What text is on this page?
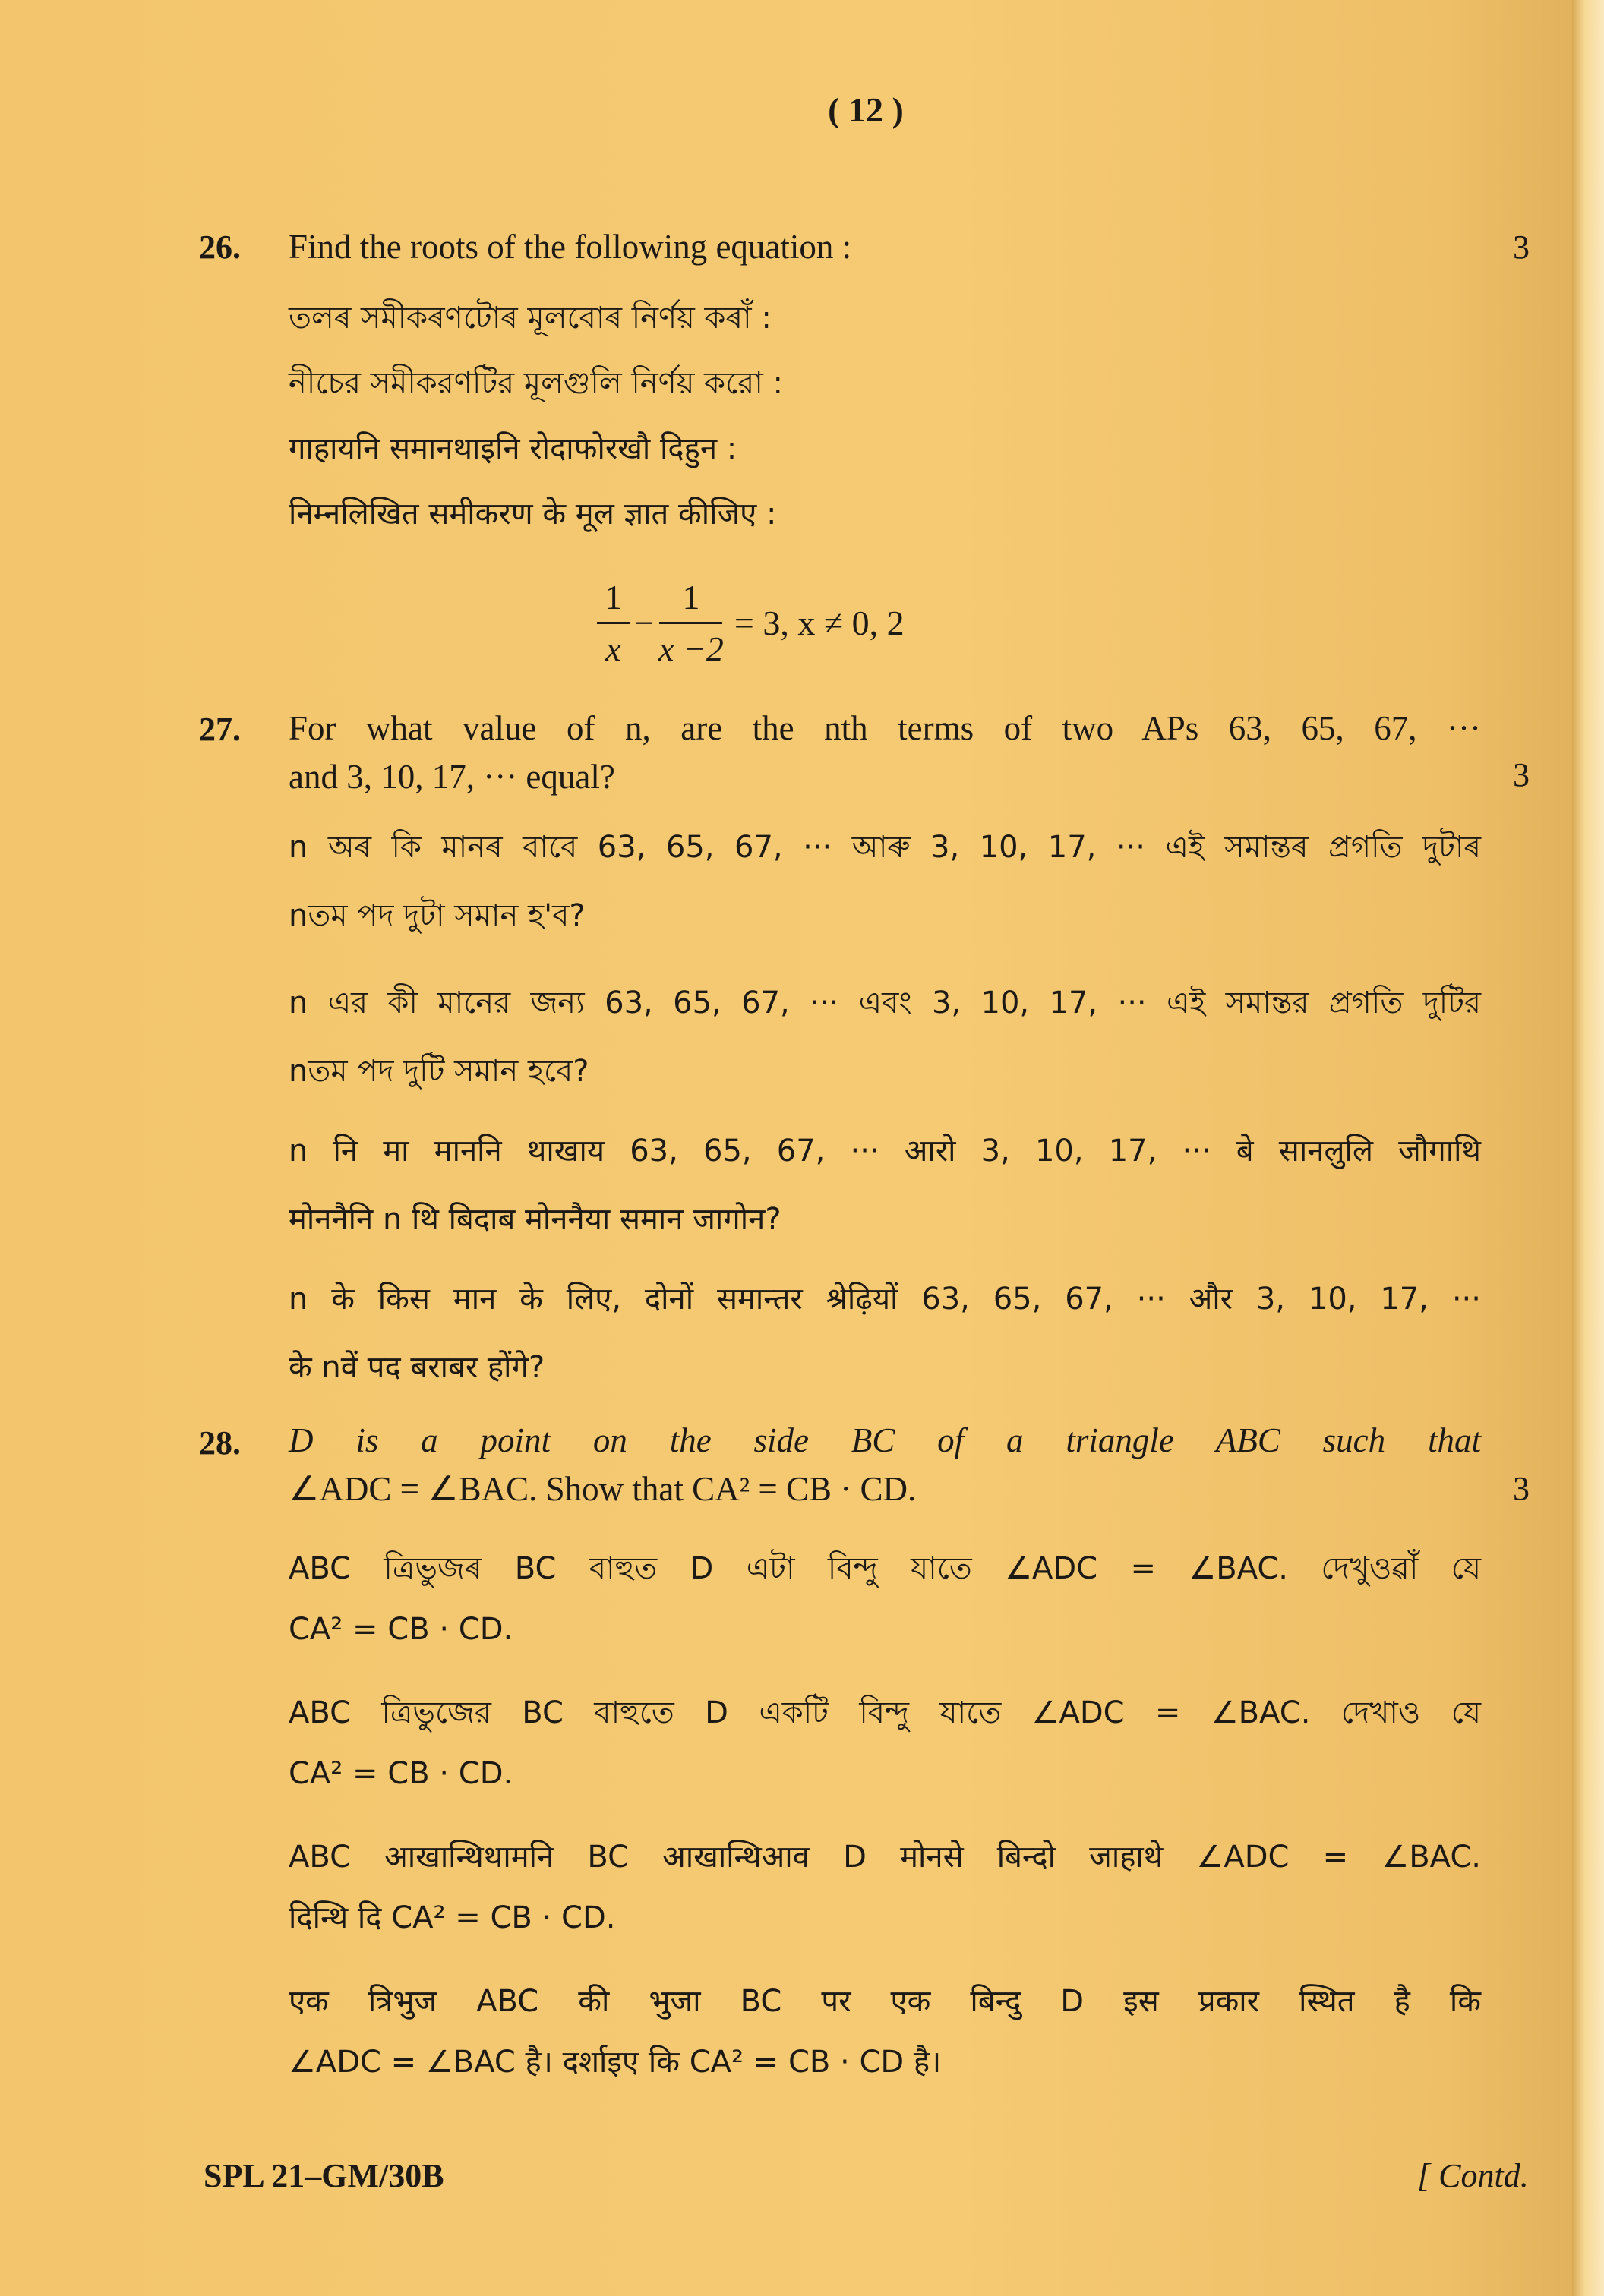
( 12 )
26.	3
Find the roots of the following equation :
তলৰ সমীকৰণটোৰ মূলবোৰ নিৰ্ণয় কৰাঁ :
নীচের সমীকরণটির মূলগুলি নির্ণয় করো :
गाहायनि समानथाइनि रोदाफोरखौ दिहुन :
निम्नलिखित समीकरण के मूल ज्ञात कीजिए :
$\frac{1}{x} - \frac{1}{x -2} = 3$, x ≠ 0, 2
27.
3
For what value of n, are the nth terms of two APs 63, 65, 67, ···
and 3, 10, 17, ··· equal?
n অৰ কি মানৰ বাবে 63, 65, 67, ··· আৰু 3, 10, 17, ··· এই সমান্তৰ প্ৰগতি দুটাৰ
nতম পদ দুটা সমান হ'ব?
n এর কী মানের জন্য 63, 65, 67, ··· এবং 3, 10, 17, ··· এই সমান্তর প্রগতি দুটির
nতম পদ দুটি সমান হবে?
n नि मा माननि थाखाय 63, 65, 67, ··· आरो 3, 10, 17, ··· बे सानलुलि जौगाथि
मोननैनि n थि बिदाब मोननैया समान जागोन?
n के किस मान के लिए, दोनों समान्तर श्रेढ़ियों 63, 65, 67, ··· और 3, 10, 17, ···
के nवें पद बराबर होंगे?
28.
3
D is a point on the side BC of a triangle ABC such that
∠ADC = ∠BAC. Show that CA² = CB · CD.
ABC ত্ৰিভুজৰ BC বাহুত D এটা বিন্দু যাতে ∠ADC = ∠BAC. দেখুওৱাঁ যে
CA² = CB · CD.
ABC ত্রিভুজের BC বাহুতে D একটি বিন্দু যাতে ∠ADC = ∠BAC. দেখাও যে
CA² = CB · CD.
ABC आखान्थिथामनि BC आखान्थिआव D मोनसे बिन्दो जाहाथे ∠ADC = ∠BAC.
दिन्थि दि CA² = CB · CD.
एक त्रिभुज ABC की भुजा BC पर एक बिन्दु D इस प्रकार स्थित है कि
∠ADC = ∠BAC है। दर्शाइए कि CA² = CB · CD है।
SPL 21–GM/30B	[ Contd.
